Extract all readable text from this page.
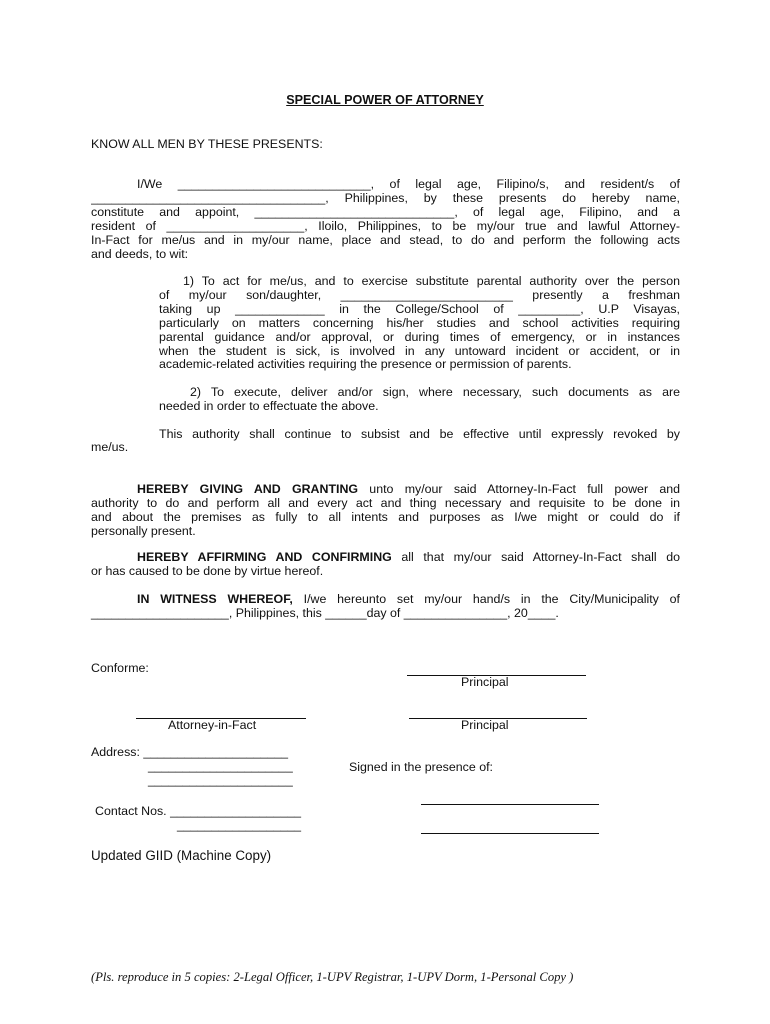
SPECIAL POWER OF ATTORNEY
KNOW ALL MEN BY THESE PRESENTS:
I/We ____________________________, of legal age, Filipino/s, and resident/s of
__________________________________, Philippines, by these presents do hereby name,
constitute and appoint, _____________________________, of legal age, Filipino, and a
resident of ____________________, Iloilo, Philippines, to be my/our true and lawful Attorney-
In-Fact for me/us and in my/our name, place and stead, to do and perform the following acts
and deeds, to wit:
1) To act for me/us, and to exercise substitute parental authority over the person
of my/our son/daughter, _________________________ presently a freshman
taking up _____________ in the College/School of _________, U.P Visayas,
particularly on matters concerning his/her studies and school activities requiring
parental guidance and/or approval, or during times of emergency, or in instances
when the student is sick, is involved in any untoward incident or accident, or in
academic-related activities requiring the presence or permission of parents.
2) To execute, deliver and/or sign, where necessary, such documents as are
needed in order to effectuate the above.
This authority shall continue to subsist and be effective until expressly revoked by
me/us.
HEREBY GIVING AND GRANTING unto my/our said Attorney-In-Fact full power and
authority to do and perform all and every act and thing necessary and requisite to be done in
and about the premises as fully to all intents and purposes as I/we might or could do if
personally present.
HEREBY AFFIRMING AND CONFIRMING all that my/our said Attorney-In-Fact shall do
or has caused to be done by virtue hereof.
IN WITNESS WHEREOF, I/we hereunto set my/our hand/s in the City/Municipality of
____________________, Philippines, this ______day of _______________, 20____.
Conforme:
Principal
Attorney-in-Fact	Principal
Address: _____________________
_____________________
_____________________
Signed in the presence of:
Contact Nos. ___________________
__________________
Updated GIID (Machine Copy)
(Pls. reproduce in 5 copies: 2-Legal Officer, 1-UPV Registrar, 1-UPV Dorm, 1-Personal Copy )
